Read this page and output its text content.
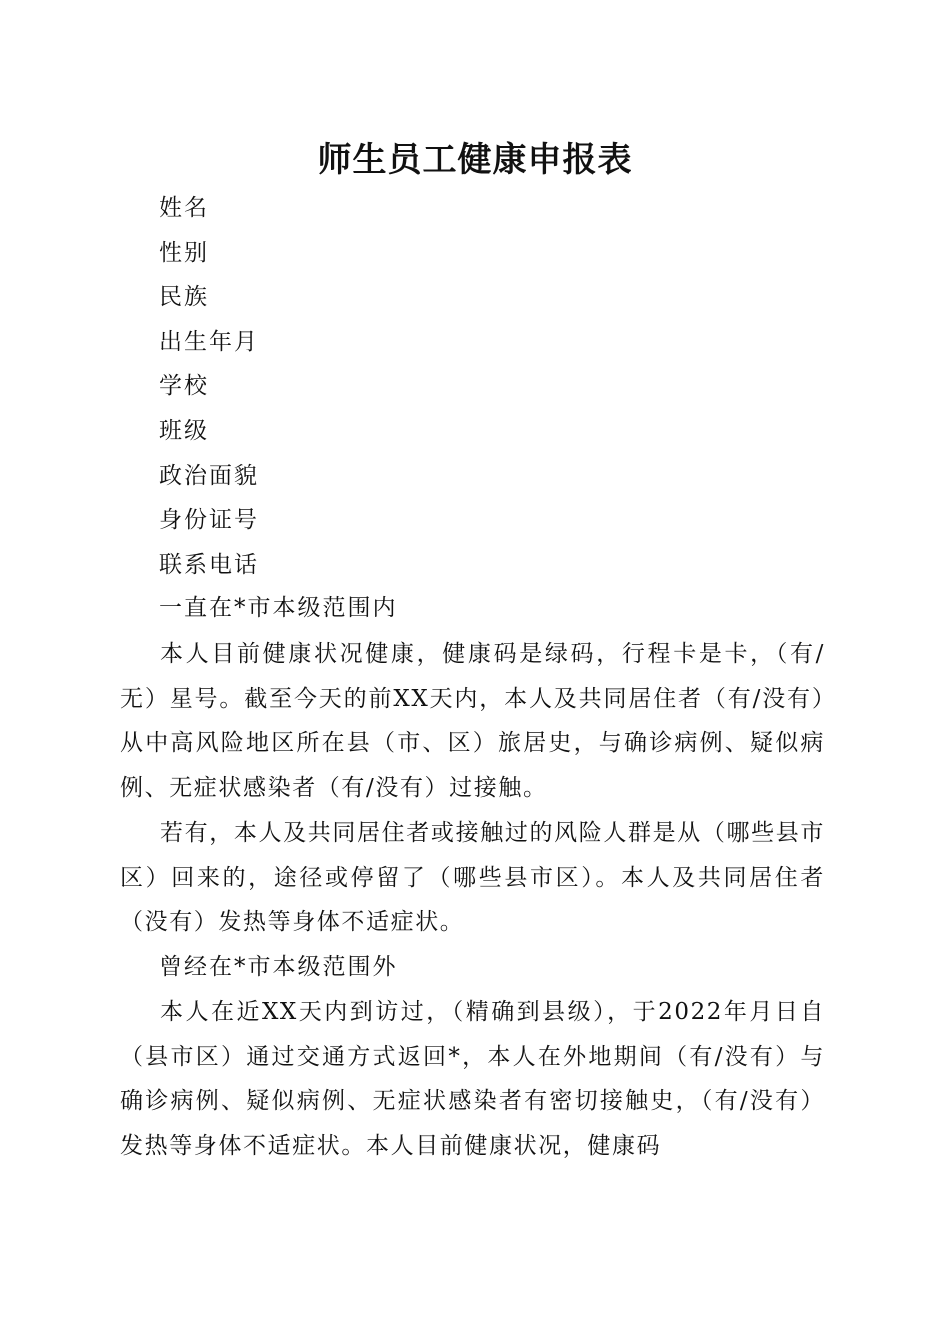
师生员工健康申报表
姓名
性别
民族
出生年月
学校
班级
政治面貌
身份证号
联系电话
一直在*市本级范围内

本人目前健康状况健康，健康码是绿码，行程卡是卡，（有/无）星号。截至今天的前XX天内，本人及共同居住者（有/没有）从中高风险地区所在县（市、区）旅居史，与确诊病例、疑似病例、无症状感染者（有/没有）过接触。

若有，本人及共同居住者或接触过的风险人群是从（哪些县市区）回来的，途径或停留了（哪些县市区）。本人及共同居住者（没有）发热等身体不适症状。

曾经在*市本级范围外

本人在近XX天内到访过，（精确到县级），于2022年月日自（县市区）通过交通方式返回*，本人在外地期间（有/没有）与确诊病例、疑似病例、无症状感染者有密切接触史，（有/没有）发热等身体不适症状。本人目前健康状况，健康码
